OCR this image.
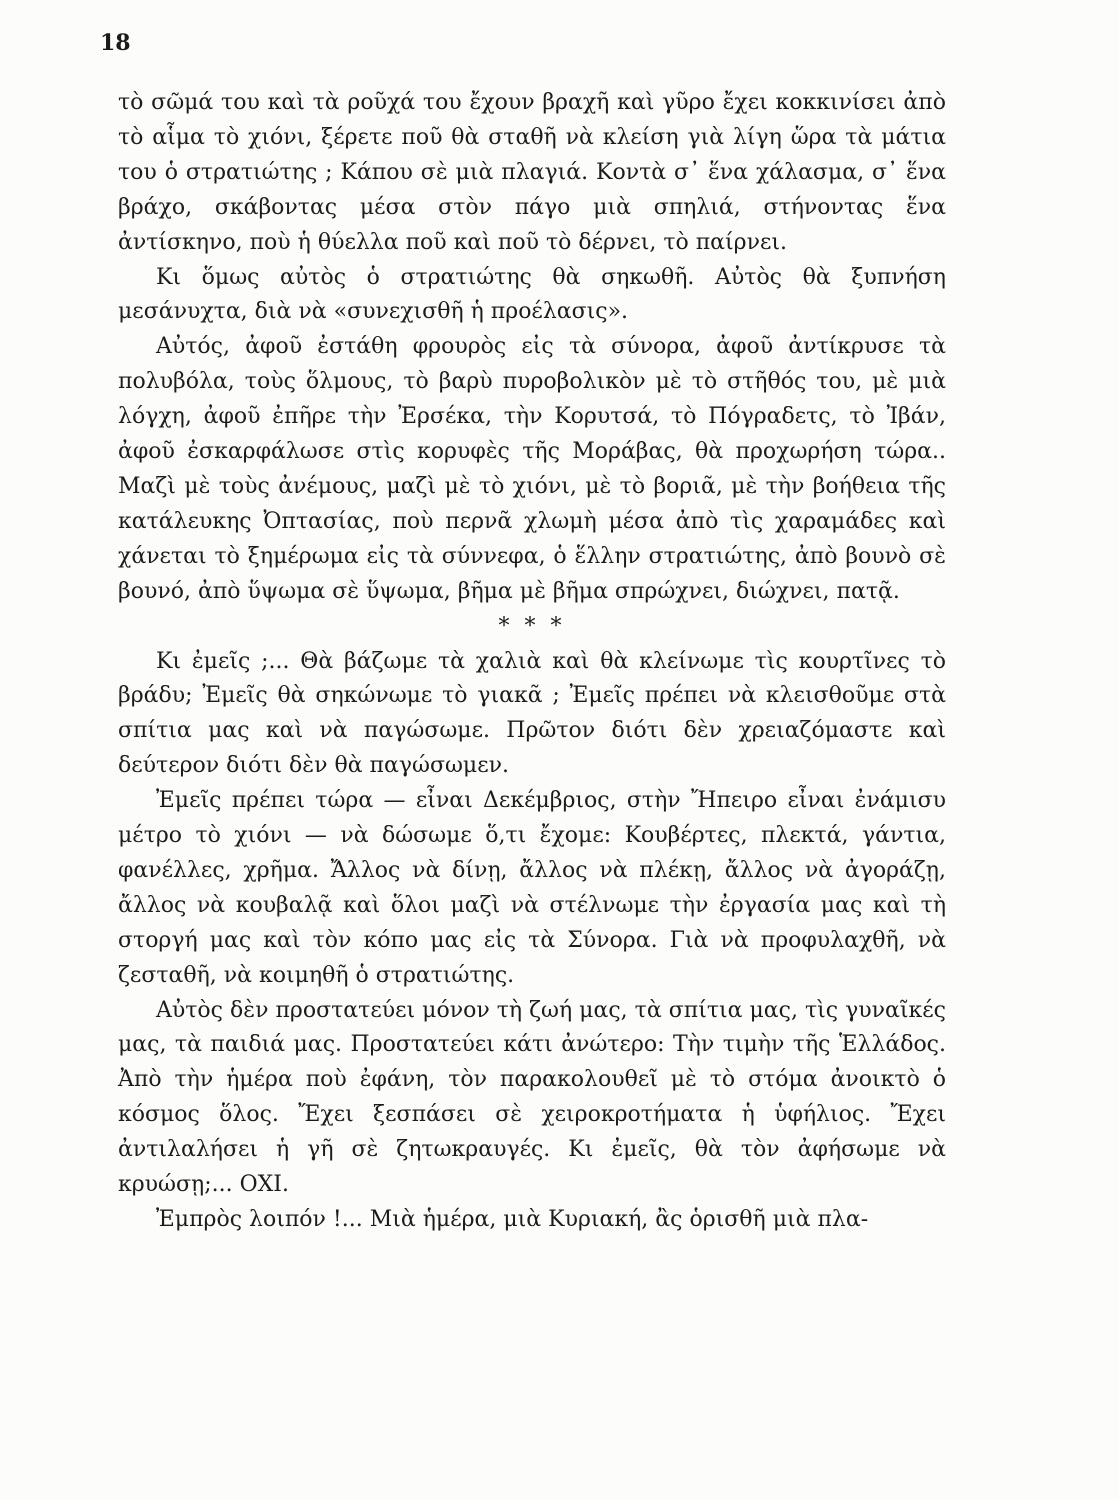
18

τὸ σῶμά του καὶ τὰ ροῦχά του ἔχουν βραχῆ καὶ γῦρο ἔχει κοκκινίσει ἀπὸ τὸ αἷμα τὸ χιόνι, ξέρετε ποῦ θὰ σταθῆ νὰ κλείση γιὰ λίγη ὥρα τὰ μάτια του ὁ στρατιώτης ; Κάπου σὲ μιὰ πλαγιά. Κοντὰ σ᾽ ἕνα χάλασμα, σ᾽ ἕνα βράχο, σκάβοντας μέσα στὸν πάγο μιὰ σπηλιά, στήνοντας ἕνα ἀντίσκηνο, ποὺ ἡ θύελλα ποῦ καὶ ποῦ τὸ δέρνει, τὸ παίρνει.

Κι ὅμως αὐτὸς ὁ στρατιώτης θὰ σηκωθῆ. Αὐτὸς θὰ ξυπνήση μεσάνυχτα, διὰ νὰ «συνεχισθῆ ἡ προέλασις».

Αὐτός, ἀφοῦ ἐστάθη φρουρὸς εἰς τὰ σύνορα, ἀφοῦ ἀντίκρυσε τὰ πολυβόλα, τοὺς ὅλμους, τὸ βαρὺ πυροβολικὸν μὲ τὸ στῆθός του, μὲ μιὰ λόγχη, ἀφοῦ ἐπῆρε τὴν Ἐρσέκα, τὴν Κορυτσά, τὸ Πόγραδετς, τὸ Ἰβάν, ἀφοῦ ἐσκαρφάλωσε στὶς κορυφὲς τῆς Μοράβας, θὰ προχωρήση τώρα.. Μαζὶ μὲ τοὺς ἀνέμους, μαζὶ μὲ τὸ χιόνι, μὲ τὸ βοριᾶ, μὲ τὴν βοήθεια τῆς κατάλευκης Ὀπτασίας, ποὺ περνᾶ χλωμὴ μέσα ἀπὸ τὶς χαραμάδες καὶ χάνεται τὸ ξημέρωμα εἰς τὰ σύννεφα, ὁ ἕλλην στρατιώτης, ἀπὸ βουνὸ σὲ βουνό, ἀπὸ ὕψωμα σὲ ὕψωμα, βῆμα μὲ βῆμα σπρώχνει, διώχνει, πατᾷ.

* * *

Κι ἐμεῖς ;... Θὰ βάζωμε τὰ χαλιὰ καὶ θὰ κλείνωμε τὶς κουρτῖνες τὸ βράδυ; Ἐμεῖς θὰ σηκώνωμε τὸ γιακᾶ ; Ἐμεῖς πρέπει νὰ κλεισθοῦμε στὰ σπίτια μας καὶ νὰ παγώσωμε. Πρῶτον διότι δὲν χρειαζόμαστε καὶ δεύτερον διότι δὲν θὰ παγώσωμεν.

Ἐμεῖς πρέπει τώρα — εἶναι Δεκέμβριος, στὴν Ἤπειρο εἶναι ἐνάμισυ μέτρο τὸ χιόνι — νὰ δώσωμε ὅ,τι ἔχομε: Κουβέρτες, πλεκτά, γάντια, φανέλλες, χρῆμα. Ἄλλος νὰ δίνῃ, ἄλλος νὰ πλέκῃ, ἄλλος νὰ ἀγοράζῃ, ἄλλος νὰ κουβαλᾷ καὶ ὅλοι μαζὶ νὰ στέλνωμε τὴν ἐργασία μας καὶ τὴ στοργή μας καὶ τὸν κόπο μας εἰς τὰ Σύνορα. Γιὰ νὰ προφυλαχθῆ, νὰ ζεσταθῆ, νὰ κοιμηθῆ ὁ στρατιώτης.

Αὐτὸς δὲν προστατεύει μόνον τὴ ζωή μας, τὰ σπίτια μας, τὶς γυναῖκές μας, τὰ παιδιά μας. Προστατεύει κάτι ἀνώτερο: Τὴν τιμὴν τῆς Ἑλλάδος. Ἀπὸ τὴν ἡμέρα ποὺ ἐφάνη, τὸν παρακολουθεῖ μὲ τὸ στόμα ἀνοικτὸ ὁ κόσμος ὅλος. Ἔχει ξεσπάσει σὲ χειροκροτήματα ἡ ὑφήλιος. Ἔχει ἀντιλαλήσει ἡ γῆ σὲ ζητωκραυγές. Κι ἐμεῖς, θὰ τὸν ἀφήσωμε νὰ κρυώσῃ;... ΟΧΙ.

Ἐμπρὸς λοιπόν !... Μιὰ ἡμέρα, μιὰ Κυριακή, ἂς ὁρισθῆ μιὰ πλα-
